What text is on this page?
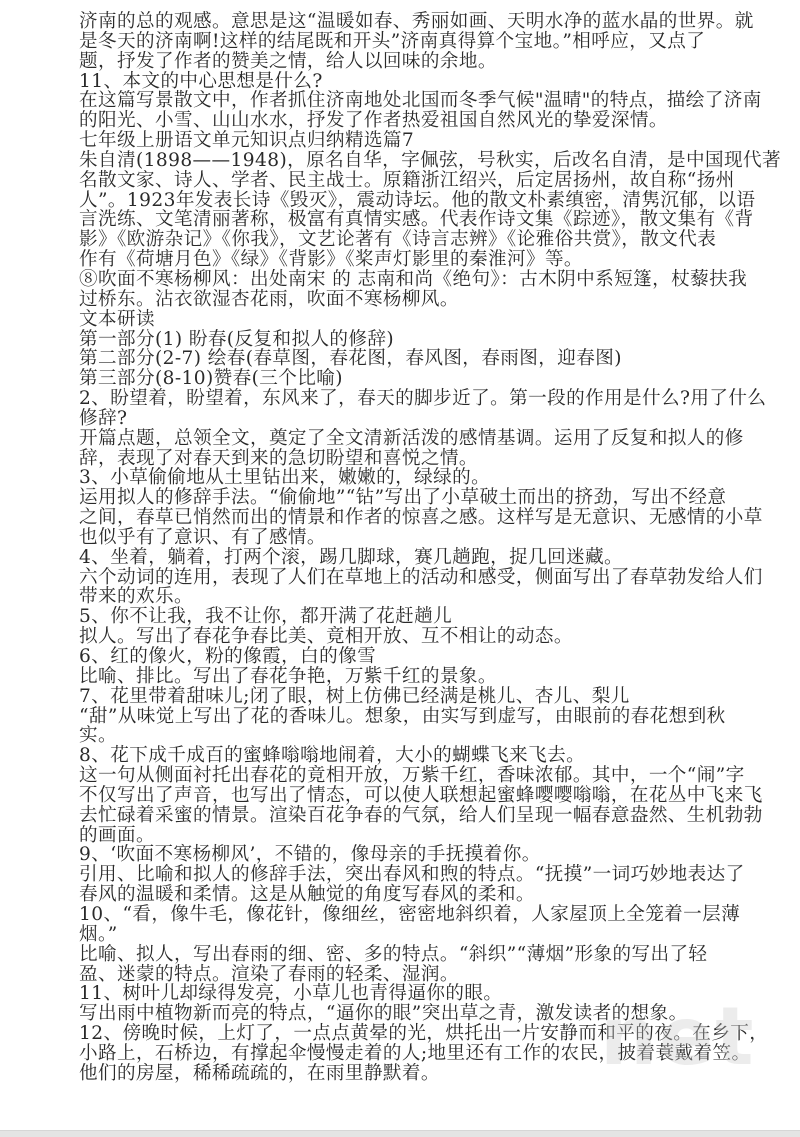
济南的总的观感。意思是这“温暖如春、秀丽如画、天明水净的蓝水晶的世界。就
是冬天的济南啊!这样的结尾既和开头”济南真得算个宝地。”相呼应，又点了
题，抒发了作者的赞美之情，给人以回味的余地。
11、本文的中心思想是什么?
在这篇写景散文中，作者抓住济南地处北国而冬季气候"温晴"的特点，描绘了济南
的阳光、小雪、山山水水，抒发了作者热爱祖国自然风光的挚爱深情。
七年级上册语文单元知识点归纳精选篇7
朱自清(1898——1948)，原名自华，字佩弦，号秋实，后改名自清，是中国现代著
名散文家、诗人、学者、民主战士。原籍浙江绍兴，后定居扬州，故自称“扬州
人”。1923年发表长诗《毁灭》，震动诗坛。他的散文朴素缜密，清隽沉郁，以语
言洗练、文笔清丽著称，极富有真情实感。代表作诗文集《踪迹》，散文集有《背
影》《欧游杂记》《你我》，文艺论著有《诗言志辨》《论雅俗共赏》，散文代表
作有《荷塘月色》《绿》《背影》《桨声灯影里的秦淮河》等。
⑧吹面不寒杨柳风：出处南宋 的 志南和尚《绝句》：古木阴中系短篷，杖藜扶我
过桥东。沾衣欲湿杏花雨，吹面不寒杨柳风。
文本研读
第一部分(1) 盼春(反复和拟人的修辞)
第二部分(2-7) 绘春(春草图，春花图，春风图，春雨图，迎春图)
第三部分(8-10)赞春(三个比喻)
2、盼望着，盼望着，东风来了，春天的脚步近了。第一段的作用是什么?用了什么
修辞?
开篇点题，总领全文，奠定了全文清新活泼的感情基调。运用了反复和拟人的修
辞，表现了对春天到来的急切盼望和喜悦之情。
3、小草偷偷地从土里钻出来，嫩嫩的，绿绿的。
运用拟人的修辞手法。“偷偷地”“钻”写出了小草破土而出的挤劲，写出不经意
之间，春草已悄然而出的情景和作者的惊喜之感。这样写是无意识、无感情的小草
也似乎有了意识、有了感情。
4、坐着，躺着，打两个滚，踢几脚球，赛几趟跑，捉几回迷藏。
六个动词的连用，表现了人们在草地上的活动和感受，侧面写出了春草勃发给人们
带来的欢乐。
5、你不让我，我不让你，都开满了花赶趟儿
拟人。写出了春花争春比美、竟相开放、互不相让的动态。
6、红的像火，粉的像霞，白的像雪
比喻、排比。写出了春花争艳，万紫千红的景象。
7、花里带着甜味儿;闭了眼，树上仿佛已经满是桃儿、杏儿、梨儿
“甜”从味觉上写出了花的香味儿。想象，由实写到虚写，由眼前的春花想到秋
实。
8、花下成千成百的蜜蜂嗡嗡地闹着，大小的蝴蝶飞来飞去。
这一句从侧面衬托出春花的竟相开放，万紫千红，香味浓郁。其中，一个“闹”字
不仅写出了声音，也写出了情态，可以使人联想起蜜蜂嘤嘤嗡嗡，在花丛中飞来飞
去忙碌着采蜜的情景。渲染百花争春的气氛，给人们呈现一幅春意盎然、生机勃勃
的画面。
9、‘吹面不寒杨柳风’，不错的，像母亲的手抚摸着你。
引用、比喻和拟人的修辞手法，突出春风和煦的特点。“抚摸”一词巧妙地表达了
春风的温暖和柔情。这是从触觉的角度写春风的柔和。
10、“看，像牛毛，像花针，像细丝，密密地斜织着，人家屋顶上全笼着一层薄
烟。”
比喻、拟人，写出春雨的细、密、多的特点。“斜织”“薄烟”形象的写出了轻
盈、迷蒙的特点。渲染了春雨的轻柔、湿润。
11、树叶儿却绿得发亮，小草儿也青得逼你的眼。
写出雨中植物新而亮的特点，“逼你的眼”突出草之青，激发读者的想象。
12、傍晚时候，上灯了，一点点黄晕的光，烘托出一片安静而和平的夜。在乡下，
小路上，石桥边，有撑起伞慢慢走着的人;地里还有工作的农民，披着蓑戴着笠。
他们的房屋，稀稀疏疏的，在雨里静默着。	net
